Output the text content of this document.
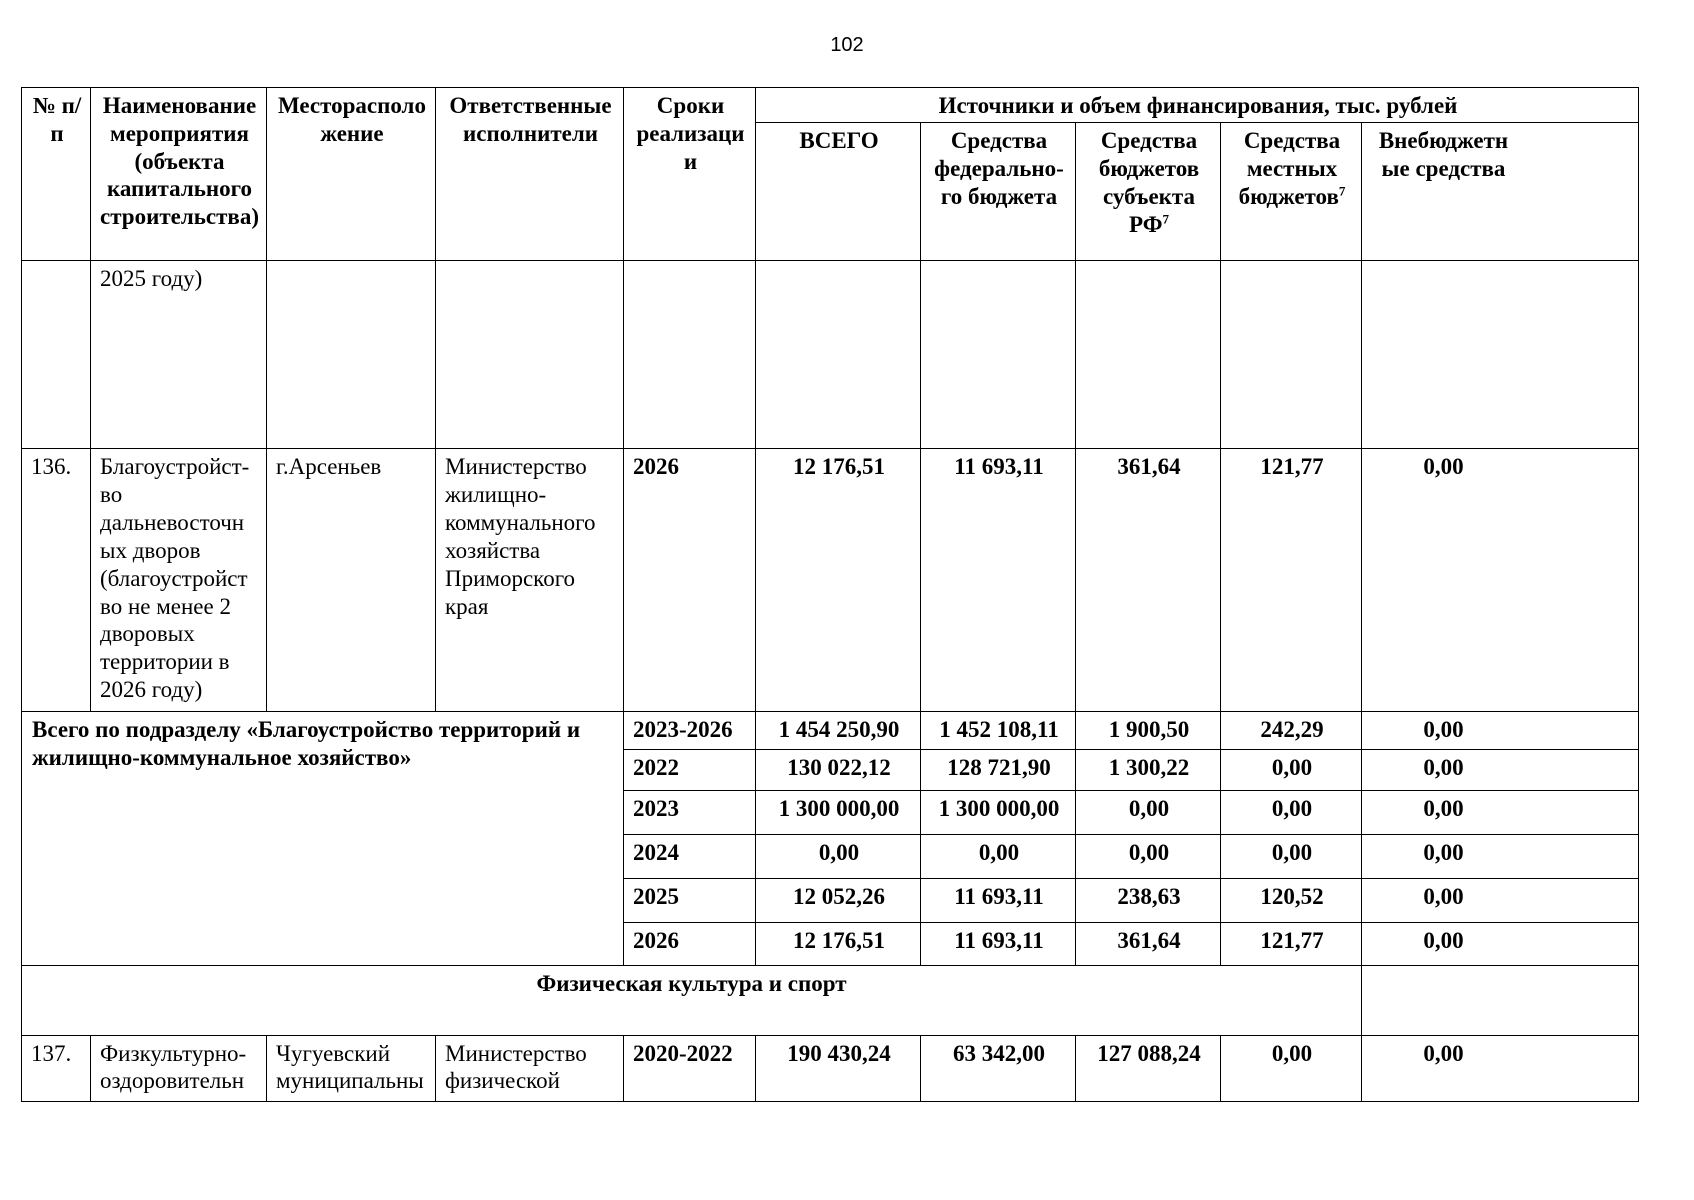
102
№ п/п	Наименование мероприятия (объекта капитального строительства)	Месторасполо жение	Ответственные исполнители	Сроки реализаци и	Источники и объем финансирования, тыс. рублей				
					ВСЕГО	Средства федерально-го бюджета	Средства бюджетов субъекта $РФ^7$	Средства местных бюджетов$^7$	Внебюджетн ые средства

	2025 году)								
136.	Благоустройст-во дальневосточн ых дворов (благоустройст во не менее 2 дворовых территории в 2026 году)	г.Арсеньев	Министерство жилищно-коммунального хозяйства Приморского края	2026	12 176,51	11 693,11	361,64	121,77	0,00

Всего по подразделу «Благоустройство территорий и жилищно-коммунальное хозяйство»				2023-2026	1 454 250,90	1 452 108,11	1 900,50	242,29	0,00

				2022	130 022,12	128 721,90	1 300,22	0,00	0,00

				2023	1 300 000,00	1 300 000,00	0,00	0,00	0,00

				2024	0,00	0,00	0,00	0,00	0,00

				2025	12 052,26	11 693,11	238,63	120,52	0,00

				2026	12 176,51	11 693,11	361,64	121,77	0,00

Физическая культура и спорт									
137.	Физкультурно-оздоровительн	Чугуевский муниципальны	Министерство физической	2020-2022	190 430,24	63 342,00	127 088,24	0,00	0,00
